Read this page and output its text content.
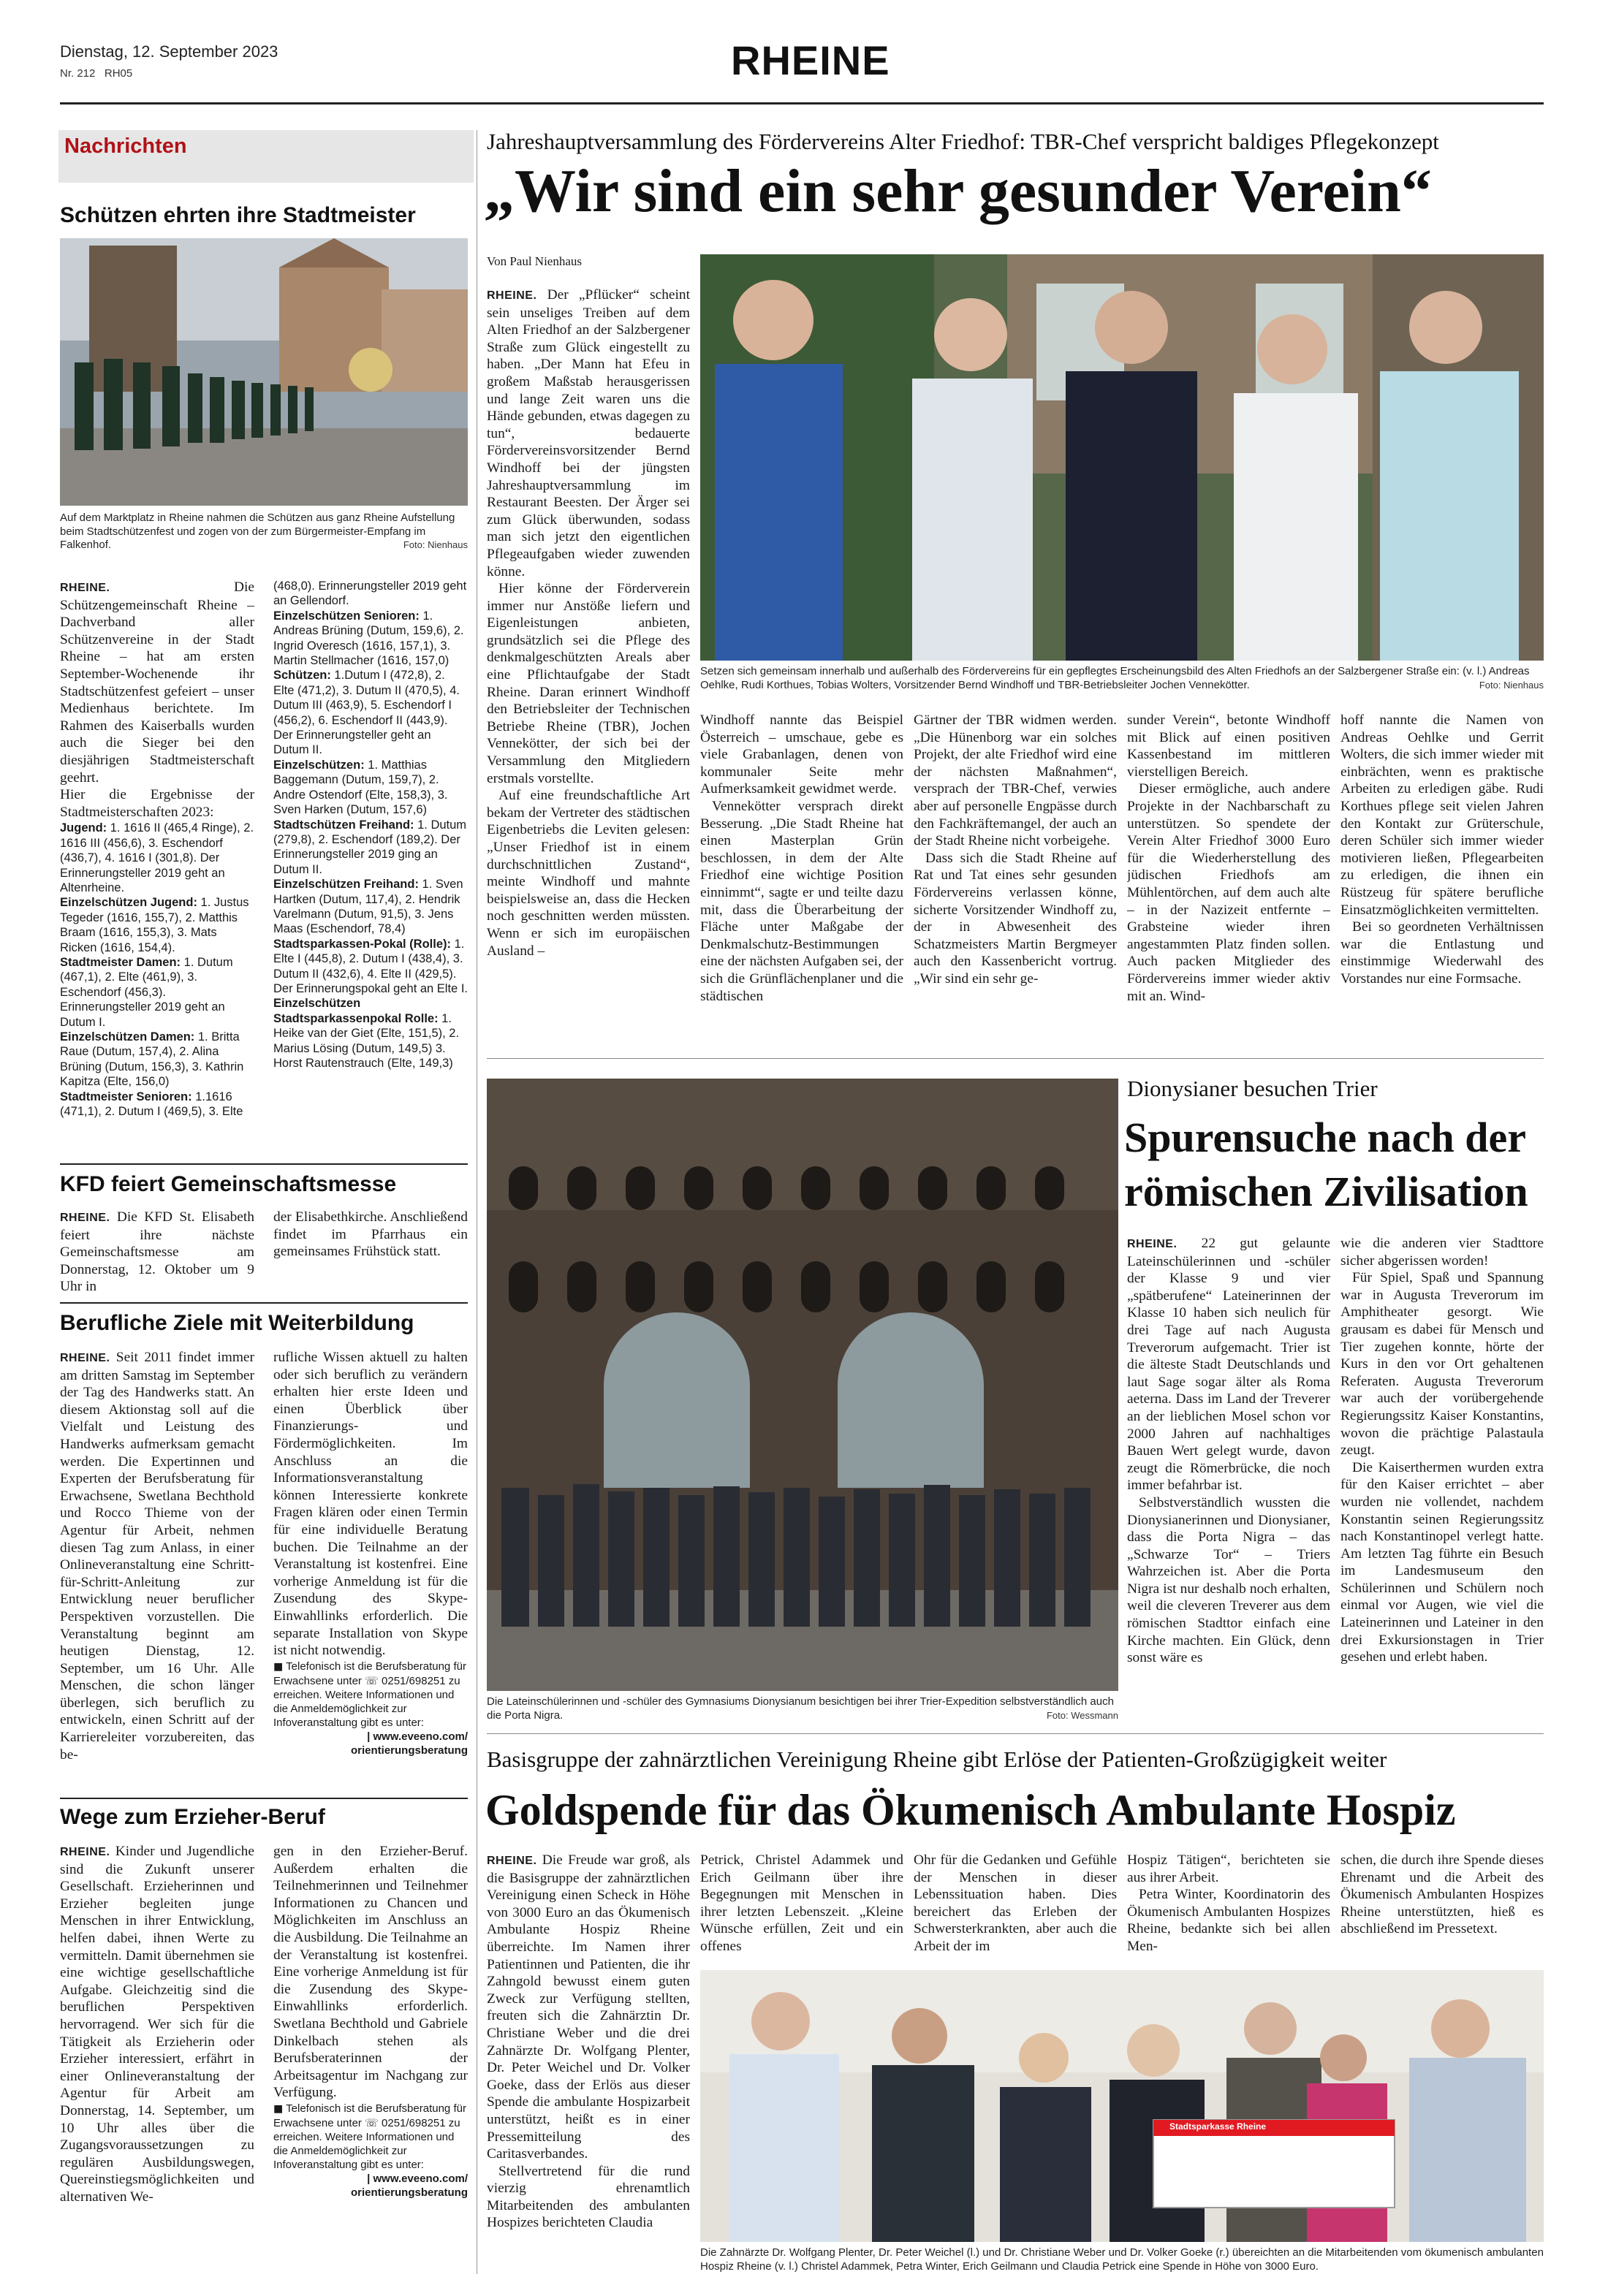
Dienstag, 12. September 2023
Nr. 212 RH05	RHEINE
Nachrichten
Schützen ehrten ihre Stadtmeister
Auf dem Marktplatz in Rheine nahmen die Schützen aus ganz Rheine Aufstellung beim Stadtschützenfest und zogen von der zum Bürgermeister-Empfang im Falkenhof.	Foto: Nienhaus

RHEINE.	Die Schützengemeinschaft Rheine – Dachverband aller Schützenvereine in der Stadt Rheine – hat am ersten September-Wochenende ihr Stadtschützenfest gefeiert – unser Medienhaus berichtete. Im Rahmen des Kaiserballs wurden auch die Sieger bei den diesjährigen Stadtmeisterschaft geehrt.

Hier die Ergebnisse der Stadtmeisterschaften 2023:

Jugend: 1. 1616 II (465,4 Ringe), 2. 1616 III (456,6), 3. Eschendorf (436,7), 4. 1616 I (301,8). Der Erinnerungsteller 2019 geht an Altenrheine.
Einzelschützen Jugend: 1. Justus Tegeder (1616, 155,7), 2. Matthis Braam (1616, 155,3), 3. Mats Ricken (1616, 154,4).
Stadtmeister Damen: 1. Dutum (467,1), 2. Elte (461,9), 3. Eschendorf (456,3). Erinnerungsteller 2019 geht an Dutum I.
Einzelschützen Damen: 1. Britta Raue (Dutum, 157,4), 2. Alina Brüning (Dutum, 156,3), 3. Kathrin Kapitza (Elte, 156,0)
Stadtmeister Senioren: 1.1616 (471,1), 2. Dutum I (469,5), 3. Elte
(468,0). Erinnerungsteller 2019 geht an Gellendorf.
Einzelschützen Senioren: 1. Andreas Brüning (Dutum, 159,6), 2. Ingrid Overesch (1616, 157,1), 3. Martin Stellmacher (1616, 157,0)
Schützen: 1.Dutum I (472,8), 2. Elte (471,2), 3. Dutum II (470,5), 4. Dutum III (463,9), 5. Eschendorf I (456,2), 6. Eschendorf II (443,9). Der Erinnerungsteller geht an Dutum II.
Einzelschützen: 1. Matthias Baggemann (Dutum, 159,7), 2. Andre Ostendorf (Elte, 158,3), 3. Sven Harken (Dutum, 157,6)
Stadtschützen Freihand: 1. Dutum (279,8), 2. Eschendorf (189,2). Der Erinnerungsteller 2019 ging an Dutum II.
Einzelschützen Freihand: 1. Sven Hartken (Dutum, 117,4), 2. Hendrik Varelmann (Dutum, 91,5), 3. Jens Maas (Eschendorf, 78,4)
Stadtsparkassen-Pokal (Rolle): 1. Elte I (445,8), 2. Dutum I (438,4), 3. Dutum II (432,6), 4. Elte II (429,5). Der Erinnerungspokal geht an Elte I.
Einzelschützen Stadtsparkassenpokal Rolle: 1. Heike van der Giet (Elte, 151,5), 2. Marius Lösing (Dutum, 149,5) 3. Horst Rautenstrauch (Elte, 149,3)
KFD feiert Gemeinschaftsmesse

RHEINE. Die KFD St. Elisabeth feiert ihre nächste Gemeinschaftsmesse am Donnerstag, 12. Oktober um 9 Uhr in

der Elisabethkirche. Anschließend findet im Pfarrhaus ein gemeinsames Frühstück statt.
Berufliche Ziele mit Weiterbildung

RHEINE. Seit 2011 findet immer am dritten Samstag im September der Tag des Handwerks statt. An diesem Aktionstag soll auf die Vielfalt und Leistung des Handwerks aufmerksam gemacht werden. Die Expertinnen und Experten der Berufsberatung für Erwachsene, Swetlana Bechthold und Rocco Thieme von der Agentur für Arbeit, nehmen diesen Tag zum Anlass, in einer Onlineveranstaltung eine Schritt-für-Schritt-Anleitung zur Entwicklung neuer beruflicher Perspektiven vorzustellen. Die Veranstaltung beginnt am heutigen Dienstag, 12. September, um 16 Uhr. Alle Menschen, die schon länger überlegen, sich beruflich zu entwickeln, einen Schritt auf der Karriereleiter vorzubereiten, das be-

rufliche Wissen aktuell zu halten oder sich beruflich zu verändern erhalten hier erste Ideen und einen Überblick über Finanzierungs- und Fördermöglichkeiten. Im Anschluss an die Informationsveranstaltung können Interessierte konkrete Fragen klären oder einen Termin für eine individuelle Beratung buchen. Die Teilnahme an der Veranstaltung ist kostenfrei. Eine vorherige Anmeldung ist für die Zusendung des Skype-Einwahllinks erforderlich. Die separate Installation von Skype ist nicht notwendig.

■ Telefonisch ist die Berufsberatung für Erwachsene unter ☏ 0251/698251 zu erreichen. Weitere Informationen und die Anmeldemöglichkeit zur Infoveranstaltung gibt es unter:
| www.eveeno.com/
orientierungsberatung
Wege zum Erzieher-Beruf

RHEINE. Kinder und Jugendliche sind die Zukunft unserer Gesellschaft. Erzieherinnen und Erzieher begleiten junge Menschen in ihrer Entwicklung, helfen dabei, ihnen Werte zu vermitteln. Damit übernehmen sie eine wichtige gesellschaftliche Aufgabe. Gleichzeitig sind die beruflichen Perspektiven hervorragend. Wer sich für die Tätigkeit als Erzieherin oder Erzieher interessiert, erfährt in einer Onlineveranstaltung der Agentur für Arbeit am Donnerstag, 14. September, um 10 Uhr alles über die Zugangsvoraussetzungen zu regulären Ausbildungswegen, Quereinstiegsmöglichkeiten und alternativen We-

gen in den Erzieher-Beruf. Außerdem erhalten die Teilnehmerinnen und Teilnehmer Informationen zu Chancen und Möglichkeiten im Anschluss an die Ausbildung. Die Teilnahme an der Veranstaltung ist kostenfrei. Eine vorherige Anmeldung ist für die Zusendung des Skype-Einwahllinks erforderlich. Swetlana Bechthold und Gabriele Dinkelbach stehen als Berufsberaterinnen der Arbeitsagentur im Nachgang zur Verfügung.

■ Telefonisch ist die Berufsberatung für Erwachsene unter ☏ 0251/698251 zu erreichen. Weitere Informationen und die Anmeldemöglichkeit zur Infoveranstaltung gibt es unter:
| www.eveeno.com/
orientierungsberatung
Jahreshauptversammlung des Fördervereins Alter Friedhof: TBR-Chef verspricht baldiges Pflegekonzept
„Wir sind ein sehr gesunder Verein“
Von Paul Nienhaus

RHEINE. Der „Pflücker“ scheint sein unseliges Treiben auf dem Alten Friedhof an der Salzbergener Straße zum Glück eingestellt zu haben. „Der Mann hat Efeu in großem Maßstab herausgerissen und lange Zeit waren uns die Hände gebunden, etwas dagegen zu tun“, bedauerte Fördervereinsvorsitzender Bernd Windhoff bei der jüngsten Jahreshauptversammlung im Restaurant Beesten. Der Ärger sei zum Glück überwunden, sodass man sich jetzt den eigentlichen Pflegeaufgaben wieder zuwenden könne.

Hier könne der Förderverein immer nur Anstöße liefern und Eigenleistungen anbieten, grundsätzlich sei die Pflege des denkmalgeschützten Areals aber eine Pflichtaufgabe der Stadt Rheine. Daran erinnert Windhoff den Betriebsleiter der Technischen Betriebe Rheine (TBR), Jochen Vennekötter, der sich bei der Versammlung den Mitgliedern erstmals vorstellte.

Auf eine freundschaftliche Art bekam der Vertreter des städtischen Eigenbetriebs die Leviten gelesen: „Unser Friedhof ist in einem durchschnittlichen Zustand“, meinte Windhoff und mahnte beispielsweise an, dass die Hecken noch geschnitten werden müssten. Wenn er sich im europäischen Ausland –

Setzen sich gemeinsam innerhalb und außerhalb des Fördervereins für ein gepflegtes Erscheinungsbild des Alten Friedhofs an der Salzbergener Straße ein: (v. l.) Andreas Oehlke, Rudi Korthues, Tobias Wolters, Vorsitzender Bernd Windhoff und TBR-Betriebsleiter Jochen Vennekötter.	Foto: Nienhaus

Windhoff nannte das Beispiel Österreich – umschaue, gebe es viele Grabanlagen, denen von kommunaler Seite mehr Aufmerksamkeit gewidmet werde.

Vennekötter versprach direkt Besserung. „Die Stadt Rheine hat einen Masterplan Grün beschlossen, in dem der Alte Friedhof eine wichtige Position einnimmt“, sagte er und teilte dazu mit, dass die Überarbeitung der Fläche unter Maßgabe der Denkmalschutz-Bestimmungen eine der nächsten Aufgaben sei, der sich die Grünflächenplaner und die städtischen

Gärtner der TBR widmen werden. „Die Hünenborg war ein solches Projekt, der alte Friedhof wird eine der nächsten Maßnahmen“, versprach der TBR-Chef, verwies aber auf personelle Engpässe durch den Fachkräftemangel, der auch an der Stadt Rheine nicht vorbeigehe.

Dass sich die Stadt Rheine auf Rat und Tat eines sehr gesunden Fördervereins verlassen könne, sicherte Vorsitzender Windhoff zu, der in Abwesenheit des Schatzmeisters Martin Bergmeyer auch den Kassenbericht vortrug. „Wir sind ein sehr ge-

sunder Verein“, betonte Windhoff mit Blick auf einen positiven Kassenbestand im mittleren vierstelligen Bereich.

Dieser ermögliche, auch andere Projekte in der Nachbarschaft zu unterstützen. So spendete der Verein Alter Friedhof 3000 Euro für die Wiederherstellung des jüdischen Friedhofs am Mühlentörchen, auf dem auch alte – in der Nazizeit entfernte – Grabsteine wieder ihren angestammten Platz finden sollen. Auch packen Mitglieder des Fördervereins immer wieder aktiv mit an. Wind-

hoff nannte die Namen von Andreas Oehlke und Gerrit Wolters, die sich immer wieder mit einbrächten, wenn es praktische Arbeiten zu erledigen gäbe. Rudi Korthues pflege seit vielen Jahren den Kontakt zur Grüterschule, deren Schüler sich immer wieder motivieren ließen, Pflegearbeiten zu erledigen, die ihnen ein Rüstzeug für spätere berufliche Einsatzmöglichkeiten vermittelten.

Bei so geordneten Verhältnissen war die Entlastung und einstimmige Wiederwahl des Vorstandes nur eine Formsache.

Die Lateinschülerinnen und -schüler des Gymnasiums Dionysianum besichtigen bei ihrer Trier-Expedition selbstverständlich auch die Porta Nigra.	Foto: Wessmann
Dionysianer besuchen Trier
Spurensuche nach der
römischen Zivilisation

RHEINE. 22 gut gelaunte Lateinschülerinnen und -schüler der Klasse 9 und vier „spätberufene“ Lateinerinnen der Klasse 10 haben sich neulich für drei Tage auf nach Augusta Treverorum aufgemacht. Trier ist die älteste Stadt Deutschlands und laut Sage sogar älter als Roma aeterna. Dass im Land der Treverer an der lieblichen Mosel schon vor 2000 Jahren auf nachhaltiges Bauen Wert gelegt wurde, davon zeugt die Römerbrücke, die noch immer befahrbar ist.

Selbstverständlich wussten die Dionysianerinnen und Dionysianer, dass die Porta Nigra – das „Schwarze Tor“ – Triers Wahrzeichen ist. Aber die Porta Nigra ist nur deshalb noch erhalten, weil die cleveren Treverer aus dem römischen Stadttor einfach eine Kirche machten. Ein Glück, denn sonst wäre es

wie die anderen vier Stadttore sicher abgerissen worden!

Für Spiel, Spaß und Spannung war in Augusta Treverorum im Amphitheater gesorgt. Wie grausam es dabei für Mensch und Tier zugehen konnte, hörte der Kurs in den vor Ort gehaltenen Referaten. Augusta Treverorum war auch der vorübergehende Regierungssitz Kaiser Konstantins, wovon die prächtige Palastaula zeugt.

Die Kaiserthermen wurden extra für den Kaiser errichtet – aber wurden nie vollendet, nachdem Konstantin seinen Regierungssitz nach Konstantinopel verlegt hatte. Am letzten Tag führte ein Besuch im Landesmuseum den Schülerinnen und Schülern noch einmal vor Augen, wie viel die Lateinerinnen und Lateiner in den drei Exkursionstagen in Trier gesehen und erlebt haben.

Basisgruppe der zahnärztlichen Vereinigung Rheine gibt Erlöse der Patienten-Großzügigkeit weiter
Goldspende für das Ökumenisch Ambulante Hospiz

RHEINE. Die Freude war groß, als die Basisgruppe der zahnärztlichen Vereinigung einen Scheck in Höhe von 3000 Euro an das Ökumenisch Ambulante Hospiz Rheine überreichte. Im Namen ihrer Patientinnen und Patienten, die ihr Zahngold bewusst einem guten Zweck zur Verfügung stellten, freuten sich die Zahnärztin Dr. Christiane Weber und die drei Zahnärzte Dr. Wolfgang Plenter, Dr. Peter Weichel und Dr. Volker Goeke, dass der Erlös aus dieser Spende die ambulante Hospizarbeit unterstützt, heißt es in einer Pressemitteilung des Caritasverbandes.

Stellvertretend für die rund vierzig ehrenamtlich Mitarbeitenden des ambulanten Hospizes berichteten Claudia

Petrick, Christel Adammek und Erich Geilmann über ihre Begegnungen mit Menschen in ihrer letzten Lebenszeit. „Kleine Wünsche erfüllen, Zeit und ein offenes
Ohr für die Gedanken und Gefühle der Menschen in dieser Lebenssituation haben. Dies bereichert das Erleben der Schwersterkrankten, aber auch die Arbeit der im

Hospiz Tätigen“, berichteten sie aus ihrer Arbeit.

Petra Winter, Koordinatorin des Ökumenisch Ambulanten Hospizes Rheine, bedankte sich bei allen Men-

schen, die durch ihre Spende dieses Ehrenamt und die Arbeit des Ökumenisch Ambulanten Hospizes Rheine unterstützten, hieß es abschließend im Pressetext.
Stadtsparkasse Rheine
Die Zahnärzte Dr. Wolfgang Plenter, Dr. Peter Weichel (l.) und Dr. Christiane Weber und Dr. Volker Goeke (r.) übereichten an die Mitarbeitenden vom ökumenisch ambulanten Hospiz Rheine (v. l.) Christel Adammek, Petra Winter, Erich Geilmann und Claudia Petrick eine Spende in Höhe von 3000 Euro.
